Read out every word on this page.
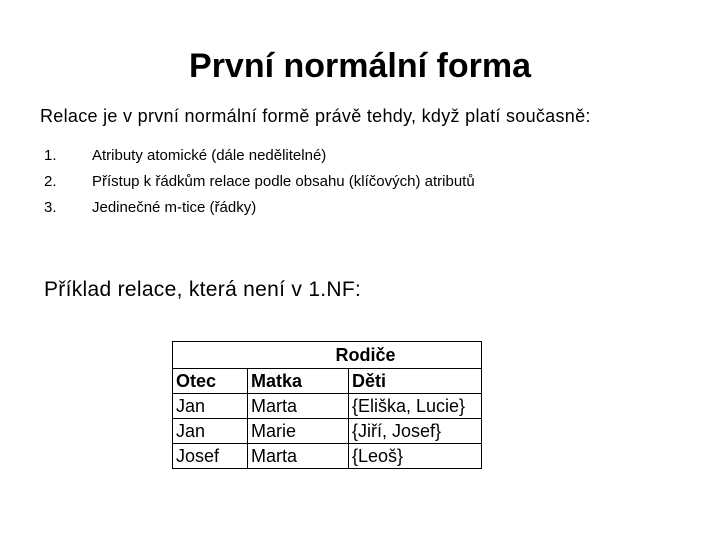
První normální forma
Relace je v první normální formě právě tehdy, když platí současně:
1.	Atributy atomické (dále nedělitelné)
2.	Přístup k řádkům relace podle obsahu (klíčových) atributů
3.	Jedinečné m-tice (řádky)
Příklad relace, která není v 1.NF:
Rodiče		
Otec	Matka	Děti
Jan	Marta	{Eliška, Lucie}
Jan	Marie	{Jiří, Josef}
Josef	Marta	{Leoš}
